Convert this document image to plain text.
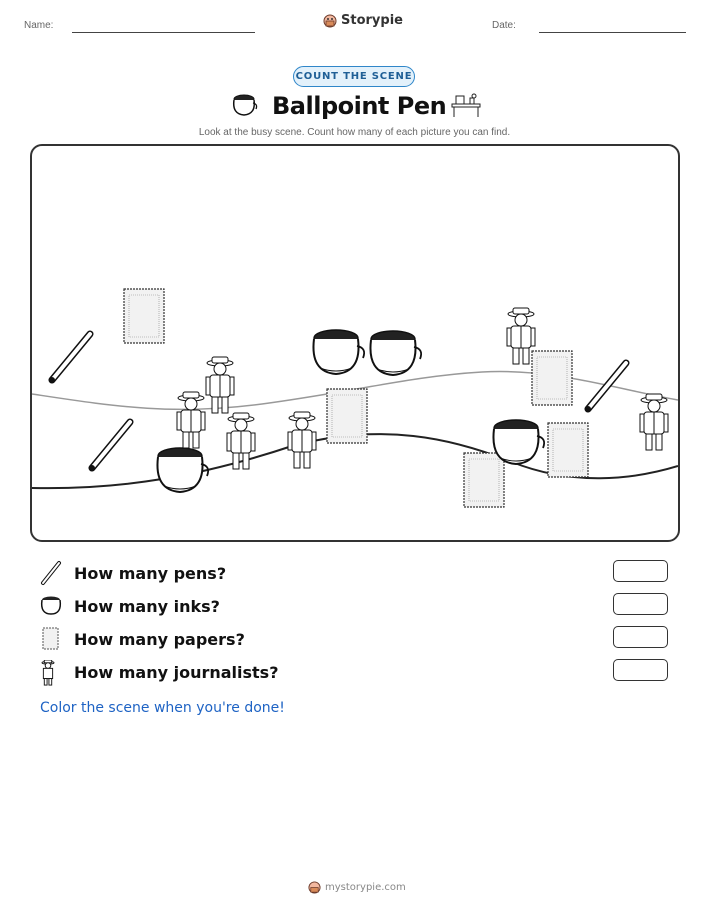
Name:	Storypie	Date:
COUNT THE SCENE
Ballpoint Pen
Look at the busy scene. Count how many of each picture you can find.
How many pens?
How many inks?
How many papers?
How many journalists?
Color the scene when you're done!
mystorypie.com
